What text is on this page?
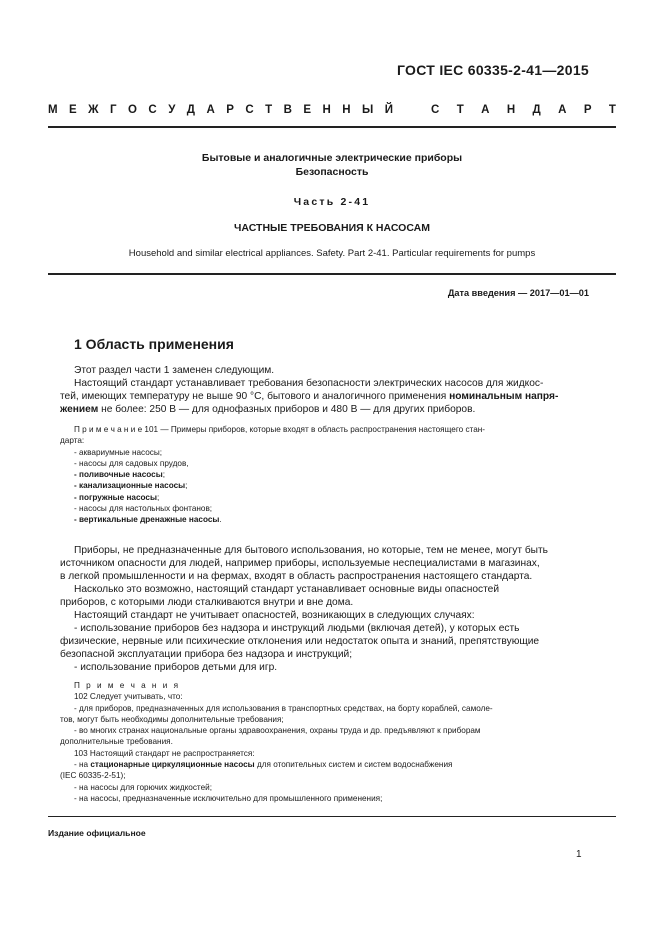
ГОСТ IEC 60335-2-41—2015
М Е Ж Г О С У Д А Р С Т В Е Н Н Ы Й	С Т А Н Д А Р Т
Бытовые и аналогичные электрические приборы
Безопасность
Часть 2-41
ЧАСТНЫЕ ТРЕБОВАНИЯ К НАСОСАМ
Household and similar electrical appliances. Safety. Part 2-41. Particular requirements for pumps
Дата введения — 2017—01—01
1 Область применения

Этот раздел части 1 заменен следующим.

Настоящий стандарт устанавливает требования безопасности электрических насосов для жидкос-

тей, имеющих температуру не выше 90 °С, бытового и аналогичного применения номинальным напря-

жением не более: 250 В — для однофазных приборов и 480 В — для других приборов.

П р и м е ч а н и е 101 — Примеры приборов, которые входят в область распространения настоящего стан-

дарта:

- аквариумные насосы;

- насосы для садовых прудов,

- поливочные насосы;

- канализационные насосы;

- погружные насосы;

- насосы для настольных фонтанов;

- вертикальные дренажные насосы.

Приборы, не предназначенные для бытового использования, но которые, тем не менее, могут быть

источником опасности для людей, например приборы, используемые неспециалистами в магазинах,

в легкой промышленности и на фермах, входят в область распространения настоящего стандарта.

Насколько это возможно, настоящий стандарт устанавливает основные виды опасностей

приборов, с которыми люди сталкиваются внутри и вне дома.

Настоящий стандарт не учитывает опасностей, возникающих в следующих случаях:

- использование приборов без надзора и инструкций людьми (включая детей), у которых есть

физические, нервные или психические отклонения или недостаток опыта и знаний, препятствующие

безопасной эксплуатации прибора без надзора и инструкций;

- использование приборов детьми для игр.

П р и м е ч а н и я

102 Следует учитывать, что:

- для приборов, предназначенных для использования в транспортных средствах, на борту кораблей, самоле-

тов, могут быть необходимы дополнительные требования;

- во многих странах национальные органы здравоохранения, охраны труда и др. предъявляют к приборам

дополнительные требования.

103 Настоящий стандарт не распространяется:

- на стационарные циркуляционные насосы для отопительных систем и систем водоснабжения

(IEC 60335-2-51);

- на насосы для горючих жидкостей;

- на насосы, предназначенные исключительно для промышленного применения;

Издание официальное
1
